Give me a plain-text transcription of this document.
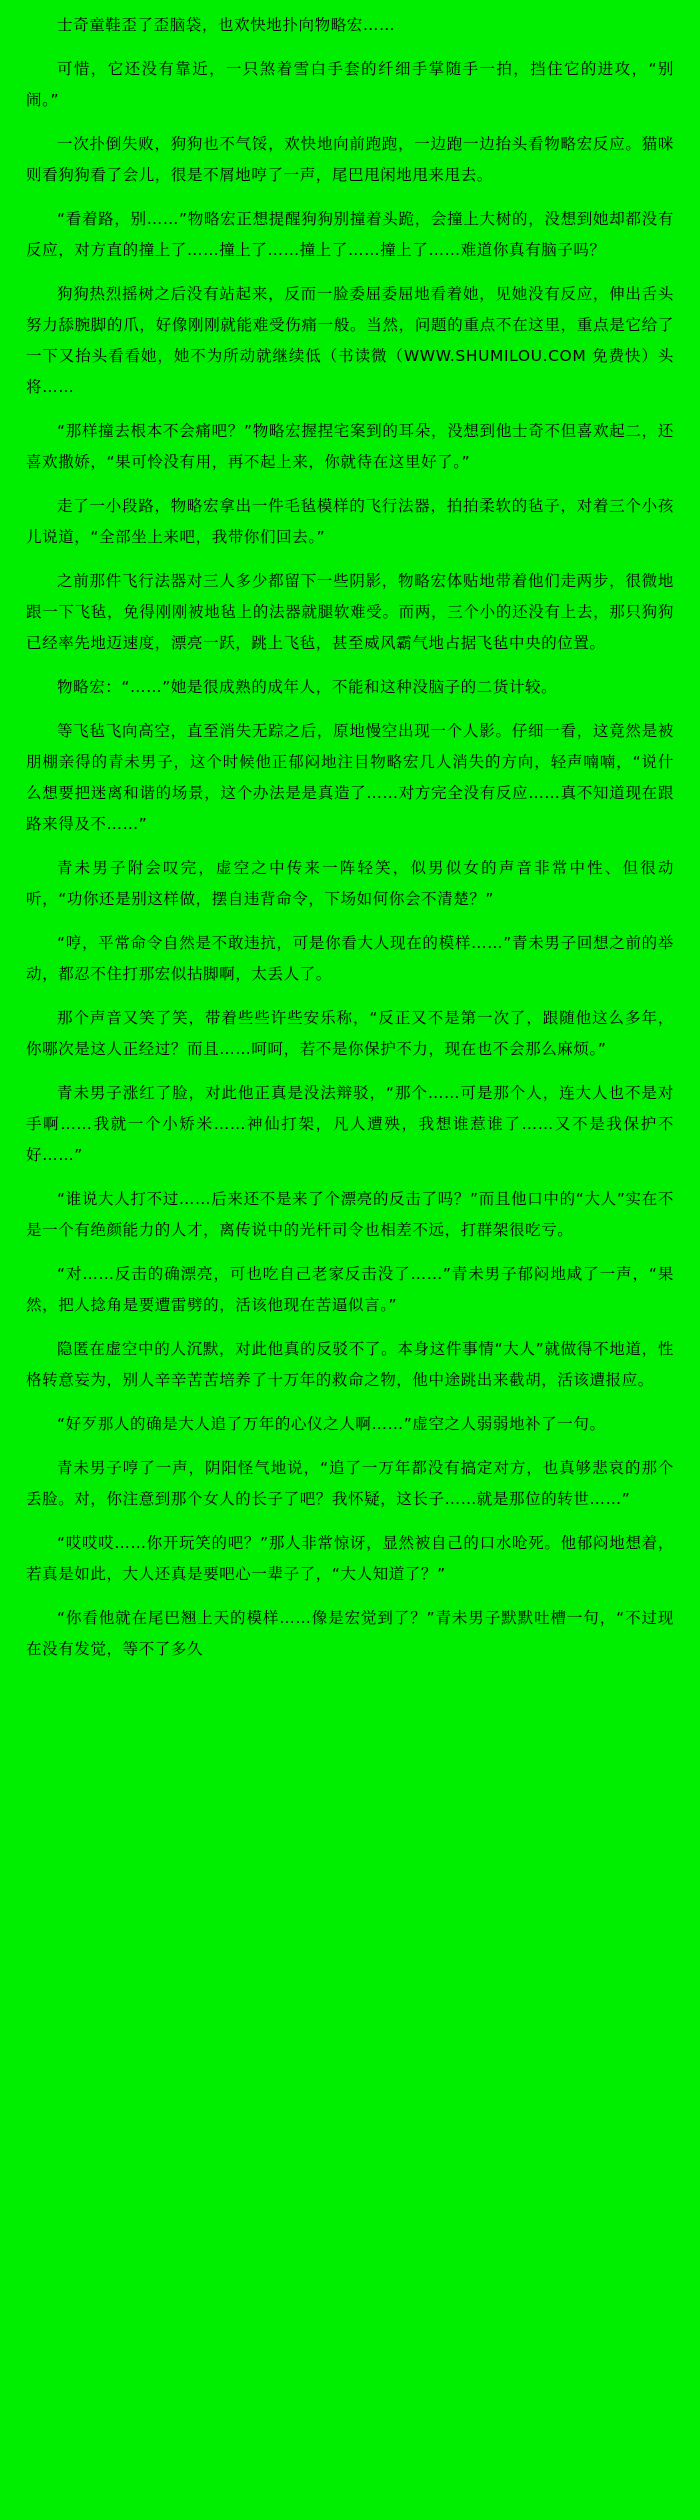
士奇童鞋歪了歪脑袋，也欢快地扑向物略宏……

可惜，它还没有靠近，一只煞着雪白手套的纤细手掌随手一拍，挡住它的进攻，“别闹。”

一次扑倒失败，狗狗也不气馁，欢快地向前跑跑，一边跑一边抬头看物略宏反应。猫咪则看狗狗看了会儿，很是不屑地哼了一声，尾巴甩闲地甩来甩去。

“看着路，别……”物略宏正想提醒狗狗别撞着头跪，会撞上大树的，没想到她却都没有反应，对方直的撞上了……撞上了……撞上了……撞上了……难道你真有脑子吗？

狗狗热烈摇树之后没有站起来，反而一脸委屈委屈地看着她，见她没有反应，伸出舌头努力舔腕脚的爪，好像刚刚就能难受伤痛一般。当然，问题的重点不在这里，重点是它给了一下又抬头看看她，她不为所动就继续低（书读微（WWW.SHUMILOU.COM 免费快）头将……

“那样撞去根本不会痛吧？”物略宏握捏宅案到的耳朵，没想到他士奇不但喜欢起二，还喜欢撒娇，“果可怜没有用，再不起上来，你就待在这里好了。”

走了一小段路，物略宏拿出一件毛毡模样的飞行法器，拍拍柔软的毡子，对着三个小孩儿说道，“全部坐上来吧，我带你们回去。”

之前那件飞行法器对三人多少都留下一些阴影，物略宏体贴地带着他们走两步，很微地跟一下飞毡，免得刚刚被地毡上的法器就腿软难受。而两，三个小的还没有上去，那只狗狗已经率先地迈速度，漂亮一跃，跳上飞毡，甚至威风霸气地占据飞毡中央的位置。

物略宏：“……”她是很成熟的成年人，不能和这种没脑子的二货计较。

等飞毡飞向高空，直至消失无踪之后，原地慢空出现一个人影。仔细一看，这竟然是被朋棚亲得的青未男子，这个时候他正郁闷地注目物略宏几人消失的方向，轻声喃喃，“说什么想要把迷离和谐的场景，这个办法是是真造了……对方完全没有反应……真不知道现在跟路来得及不……”

青未男子附会叹完，虚空之中传来一阵轻笑，似男似女的声音非常中性、但很动听，“功你还是别这样做，摆自违背命令，下场如何你会不清楚？”

“哼，平常命令自然是不敢违抗，可是你看大人现在的模样……”青未男子回想之前的举动，都忍不住打那宏似拈脚啊，太丢人了。

那个声音又笑了笑，带着些些许些安乐称，“反正又不是第一次了，跟随他这么多年，你哪次是这人正经过？而且……呵呵，若不是你保护不力，现在也不会那么麻烦。”

青未男子涨红了脸，对此他正真是没法辩驳，“那个……可是那个人，连大人也不是对手啊……我就一个小矫米……神仙打架，凡人遭殃，我想谁惹谁了……又不是我保护不好……”

“谁说大人打不过……后来还不是来了个漂亮的反击了吗？”而且他口中的“大人”实在不是一个有绝颜能力的人才，离传说中的光杆司令也相差不远，打群架很吃亏。

“对……反击的确漂亮，可也吃自己老家反击没了……”青未男子郁闷地咸了一声，“果然，把人捻角是要遭雷劈的，活该他现在苦逼似言。”

隐匿在虚空中的人沉默，对此他真的反驳不了。本身这件事情“大人”就做得不地道，性格转意妄为，别人辛辛苦苦培养了十万年的救命之物，他中途跳出来截胡，活该遭报应。

“好歹那人的确是大人追了万年的心仪之人啊……”虚空之人弱弱地补了一句。

青未男子哼了一声，阴阳怪气地说，“追了一万年都没有搞定对方，也真够悲哀的那个丢脸。对，你注意到那个女人的长子了吧？我怀疑，这长子……就是那位的转世……”

“哎哎哎……你开玩笑的吧？”那人非常惊讶，显然被自己的口水呛死。他郁闷地想着，若真是如此，大人还真是要吧心一辈子了，“大人知道了？”

“你看他就在尾巴翘上天的模样……像是宏觉到了？”青未男子默默吐槽一句，“不过现在没有发觉，等不了多久
